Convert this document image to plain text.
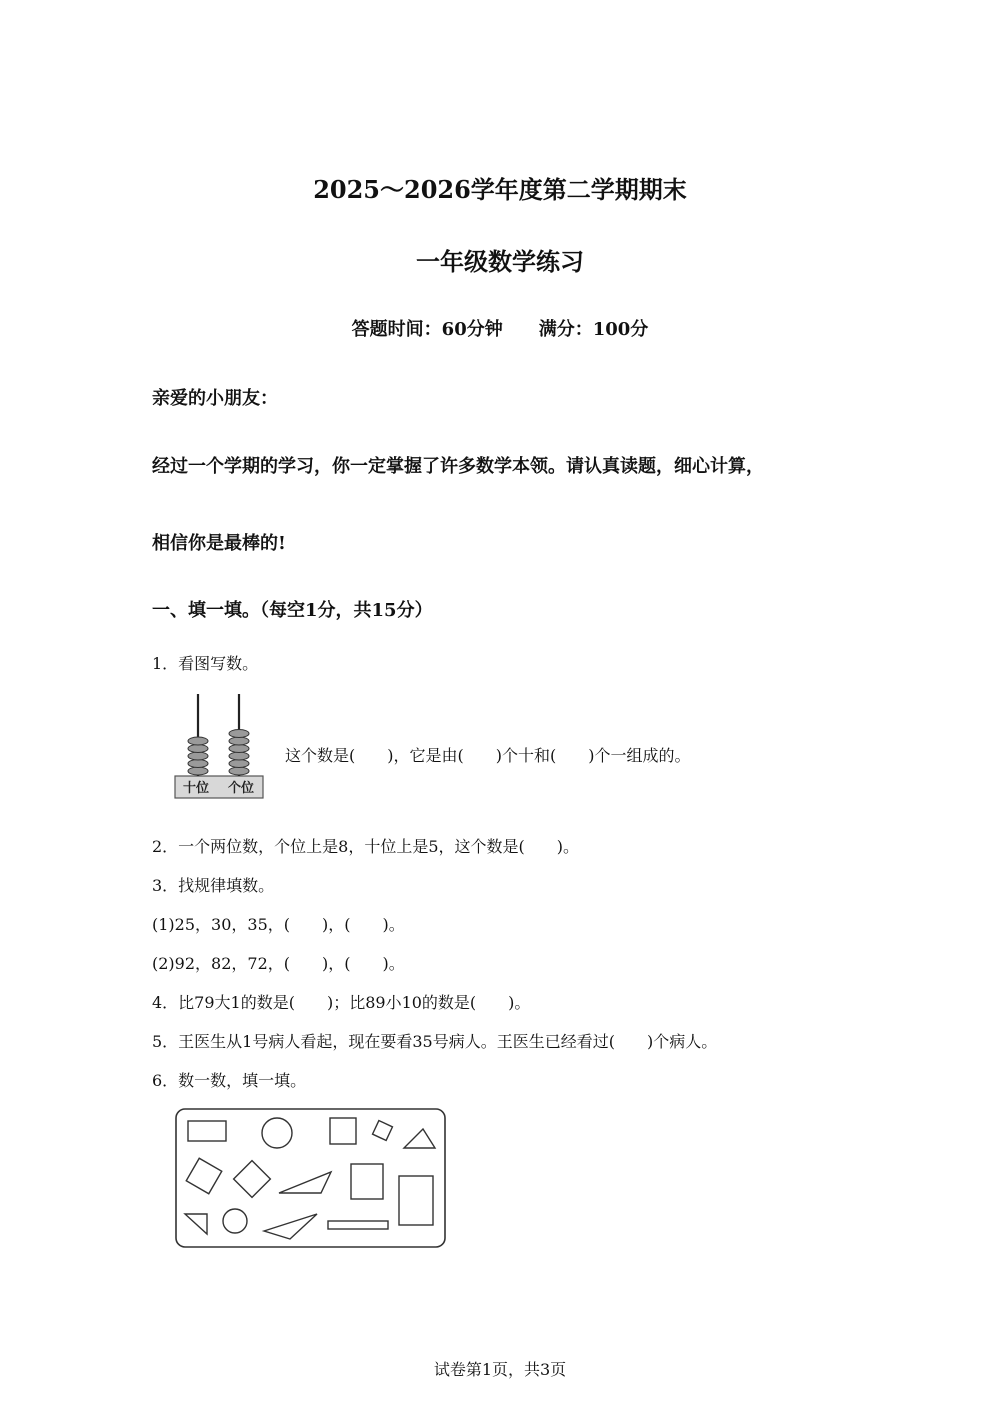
2025～2026学年度第二学期期末
一年级数学练习
答题时间：60分钟 满分：100分
亲爱的小朋友：
经过一个学期的学习，你一定掌握了许多数学本领。请认真读题，细心计算，
相信你是最棒的!
一、填一填。（每空1分，共15分）
1．看图写数。
十位 个位
这个数是(　　)，它是由(　　)个十和(　　)个一组成的。
2．一个两位数，个位上是8，十位上是5，这个数是(　　)。
3．找规律填数。
(1)25，30，35，(　　)，(　　)。
(2)92，82，72，(　　)，(　　)。
4．比79大1的数是(　　)；比89小10的数是(　　)。
5．王医生从1号病人看起，现在要看35号病人。王医生已经看过(　　)个病人。
6．数一数，填一填。
试卷第1页，共3页
